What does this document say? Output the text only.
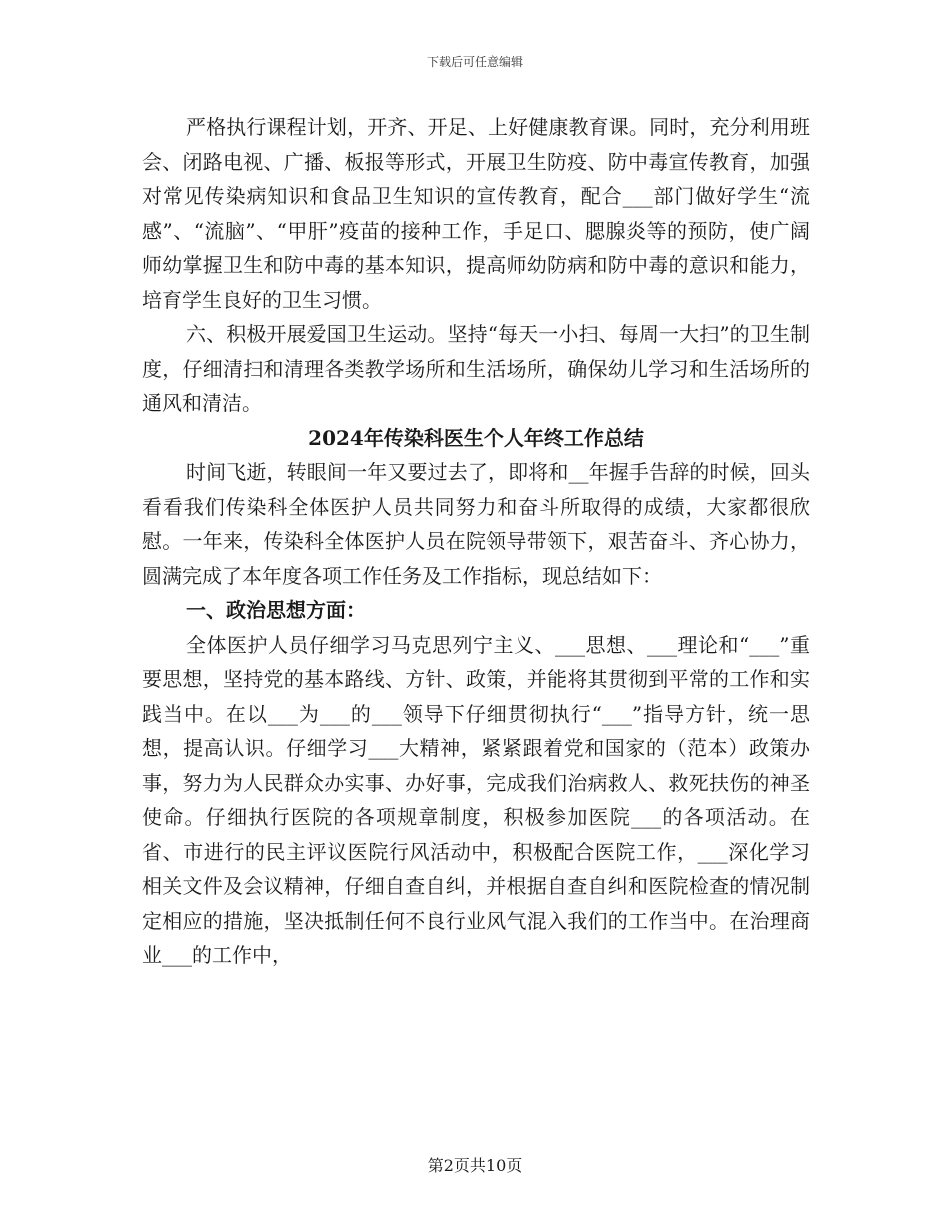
下载后可任意编辑

严格执行课程计划，开齐、开足、上好健康教育课。同时，充分利用班会、闭路电视、广播、板报等形式，开展卫生防疫、防中毒宣传教育，加强对常见传染病知识和食品卫生知识的宣传教育，配合___部门做好学生“流感”、“流脑”、“甲肝”疫苗的接种工作，手足口、腮腺炎等的预防，使广阔师幼掌握卫生和防中毒的基本知识，提高师幼防病和防中毒的意识和能力，培育学生良好的卫生习惯。

六、积极开展爱国卫生运动。坚持“每天一小扫、每周一大扫”的卫生制度，仔细清扫和清理各类教学场所和生活场所，确保幼儿学习和生活场所的通风和清洁。

2024年传染科医生个人年终工作总结

时间飞逝，转眼间一年又要过去了，即将和__年握手告辞的时候，回头看看我们传染科全体医护人员共同努力和奋斗所取得的成绩，大家都很欣慰。一年来，传染科全体医护人员在院领导带领下，艰苦奋斗、齐心协力，圆满完成了本年度各项工作任务及工作指标，现总结如下：

一、政治思想方面：

全体医护人员仔细学习马克思列宁主义、___思想、___理论和“___”重要思想，坚持党的基本路线、方针、政策，并能将其贯彻到平常的工作和实践当中。在以___为___的___领导下仔细贯彻执行“___”指导方针，统一思想，提高认识。仔细学习___大精神，紧紧跟着党和国家的（范本）政策办事，努力为人民群众办实事、办好事，完成我们治病救人、救死扶伤的神圣使命。仔细执行医院的各项规章制度，积极参加医院___的各项活动。在省、市进行的民主评议医院行风活动中，积极配合医院工作，___深化学习相关文件及会议精神，仔细自查自纠，并根据自查自纠和医院检查的情况制定相应的措施，坚决抵制任何不良行业风气混入我们的工作当中。在治理商业___的工作中，

第2页共10页
